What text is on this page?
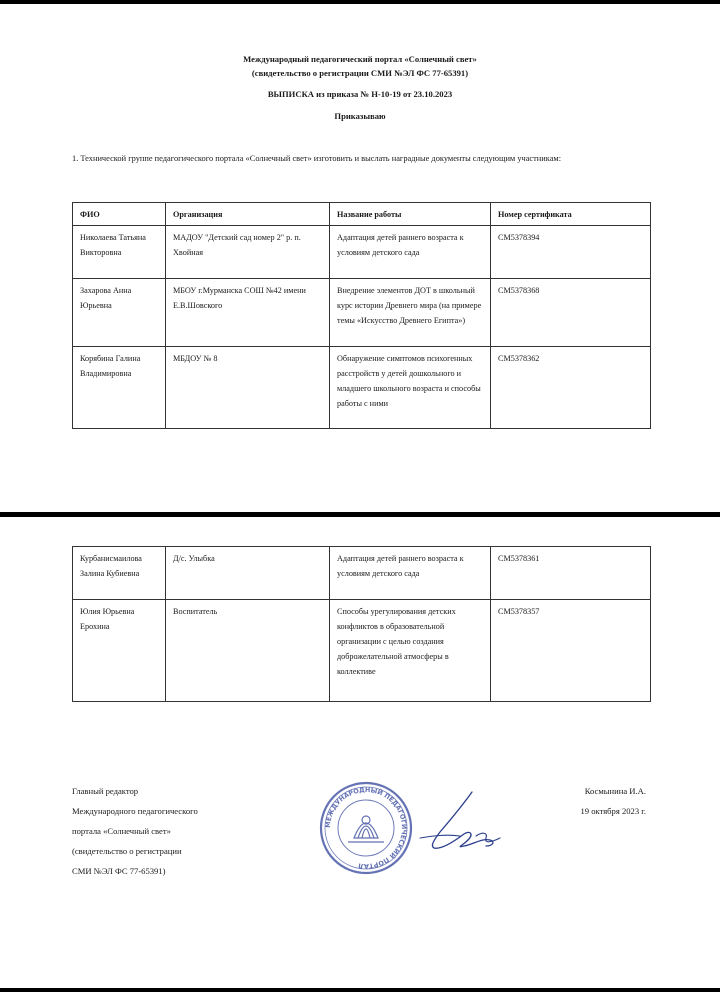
Международный педагогический портал «Солнечный свет»
(свидетельство о регистрации СМИ №ЭЛ ФС 77-65391)
ВЫПИСКА из приказа № Н-10-19 от 23.10.2023
Приказываю
1. Технической группе педагогического портала «Солнечный свет» изготовить и выслать наградные документы следующим участникам:
ФИО	Организация	Название работы	Номер сертификата
Николаева Татьяна Викторовна	МАДОУ "Детский сад номер 2" р. п. Хвойная	Адаптация детей раннего возраста к условиям детского сада	CM5378394
Захарова Анна Юрьевна	МБОУ г.Мурманска СОШ №42 имени Е.В.Шовского	Внедрение элементов ДОТ в школьный курс истории Древнего мира (на примере темы «Искусство Древнего Египта»)	CM5378368
Корябина Галина Владимировна	МБДОУ № 8	Обнаружение симптомов психогенных расстройств у детей дошкольного и младшего школьного возраста и способы работы с ними	CM5378362
Курбанисмаилова Залина Кубиевна	Д/с. Улыбка	Адаптация детей раннего возраста к условиям детского сада	CM5378361
Юлия Юрьевна Ерохина	Воспитатель	Способы урегулирования детских конфликтов в образовательной организации с целью создания доброжелательной атмосферы в коллективе	CM5378357
Главный редактор
Международного педагогического
портала «Солнечный свет»
(свидетельство о регистрации
СМИ №ЭЛ ФС 77-65391)
Космынина И.А.
19 октября 2023 г.
МЕЖДУНАРОДНЫЙ ПЕДАГОГИЧЕСКИЙ ПОРТАЛ
